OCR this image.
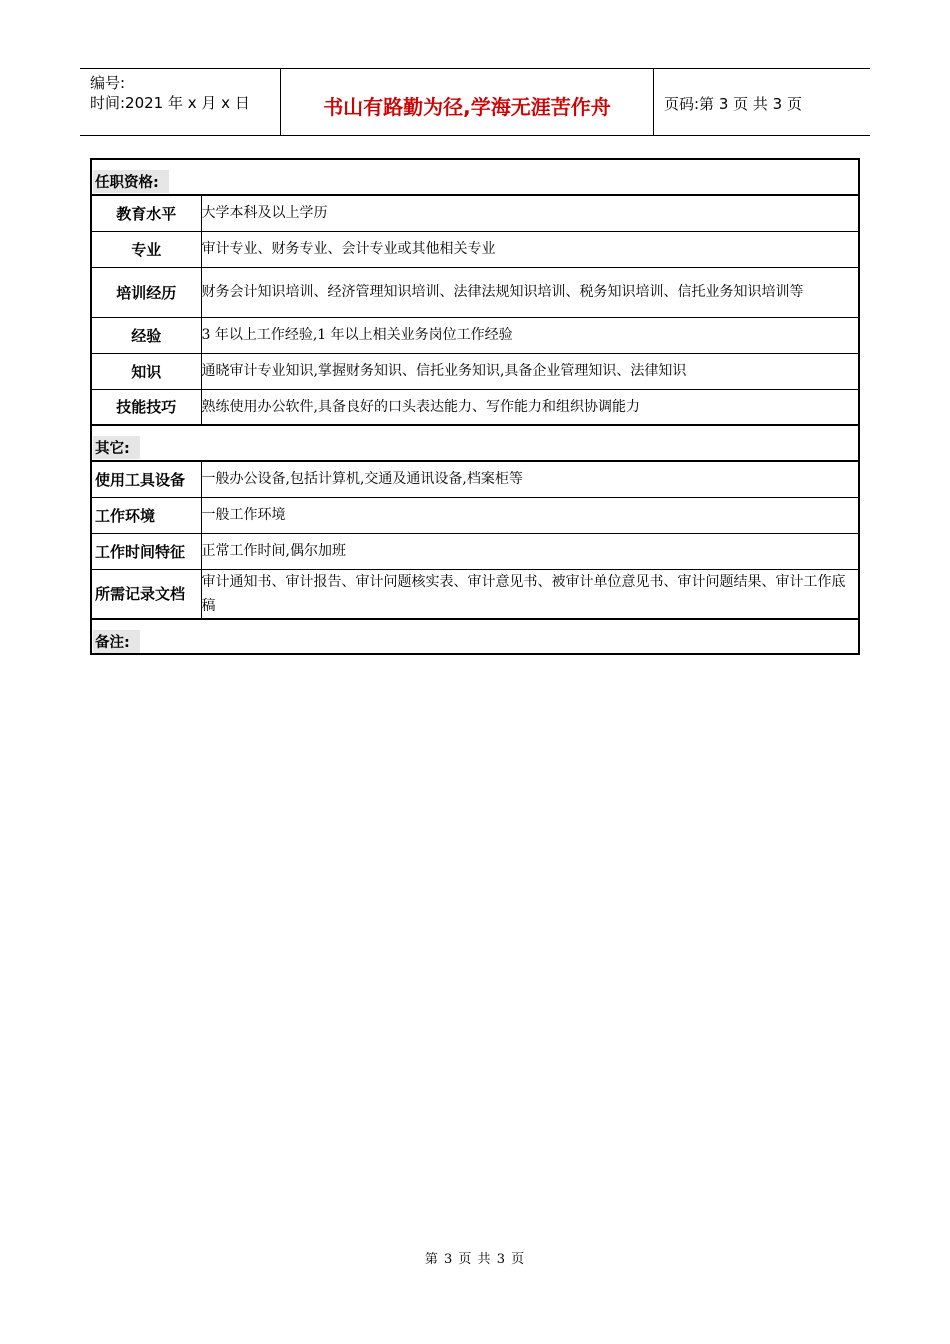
编号:
时间:2021 年 x 月 x 日	书山有路勤为径,学海无涯苦作舟	页码:第 3 页 共 3 页
任职资格:	
教育水平	大学本科及以上学历
专业	审计专业、财务专业、会计专业或其他相关专业
培训经历	财务会计知识培训、经济管理知识培训、法律法规知识培训、税务知识培训、信托业务知识培训等
经验	3 年以上工作经验,1 年以上相关业务岗位工作经验
知识	通晓审计专业知识,掌握财务知识、信托业务知识,具备企业管理知识、法律知识
技能技巧	熟练使用办公软件,具备良好的口头表达能力、写作能力和组织协调能力
其它:	
使用工具设备	一般办公设备,包括计算机,交通及通讯设备,档案柜等
工作环境	一般工作环境
工作时间特征	正常工作时间,偶尔加班
所需记录文档	审计通知书、审计报告、审计问题核实表、审计意见书、被审计单位意见书、审计问题结果、审计工作底稿
备注:	
第 3 页 共 3 页
